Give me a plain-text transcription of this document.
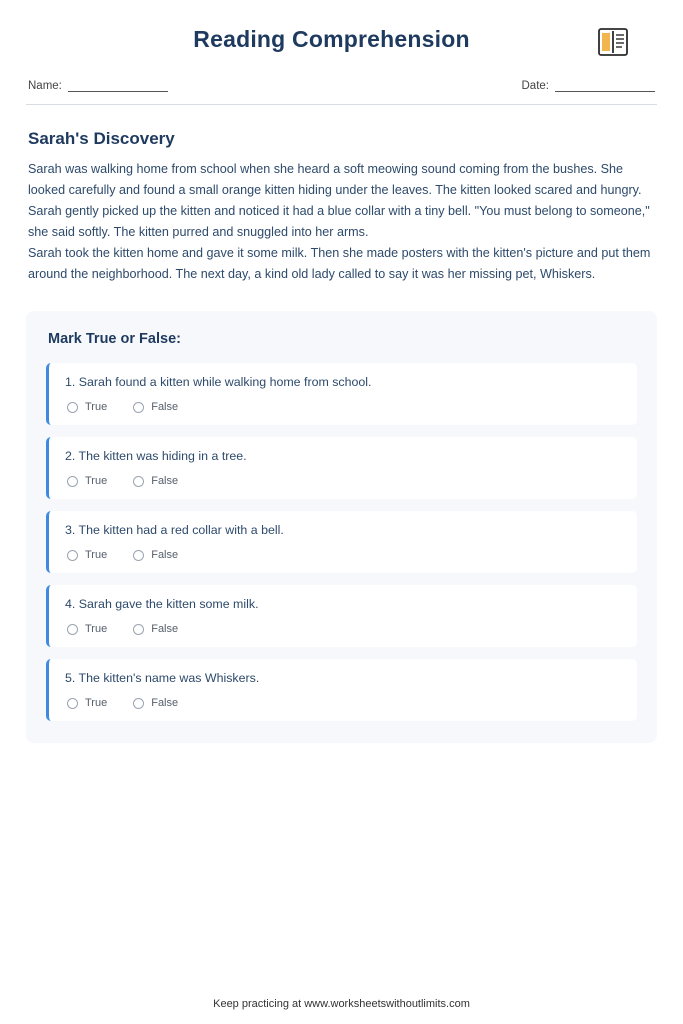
Reading Comprehension
Name:	Date:
Sarah's Discovery

Sarah was walking home from school when she heard a soft meowing sound coming from the bushes. She looked carefully and found a small orange kitten hiding under the leaves. The kitten looked scared and hungry.

Sarah gently picked up the kitten and noticed it had a blue collar with a tiny bell. "You must belong to someone," she said softly. The kitten purred and snuggled into her arms.

Sarah took the kitten home and gave it some milk. Then she made posters with the kitten's picture and put them around the neighborhood. The next day, a kind old lady called to say it was her missing pet, Whiskers.

Mark True or False:

1. Sarah found a kitten while walking home from school.

True	False

2. The kitten was hiding in a tree.

True	False

3. The kitten had a red collar with a bell.

True	False

4. Sarah gave the kitten some milk.

True	False

5. The kitten's name was Whiskers.

True	False
Keep practicing at www.worksheetswithoutlimits.com
